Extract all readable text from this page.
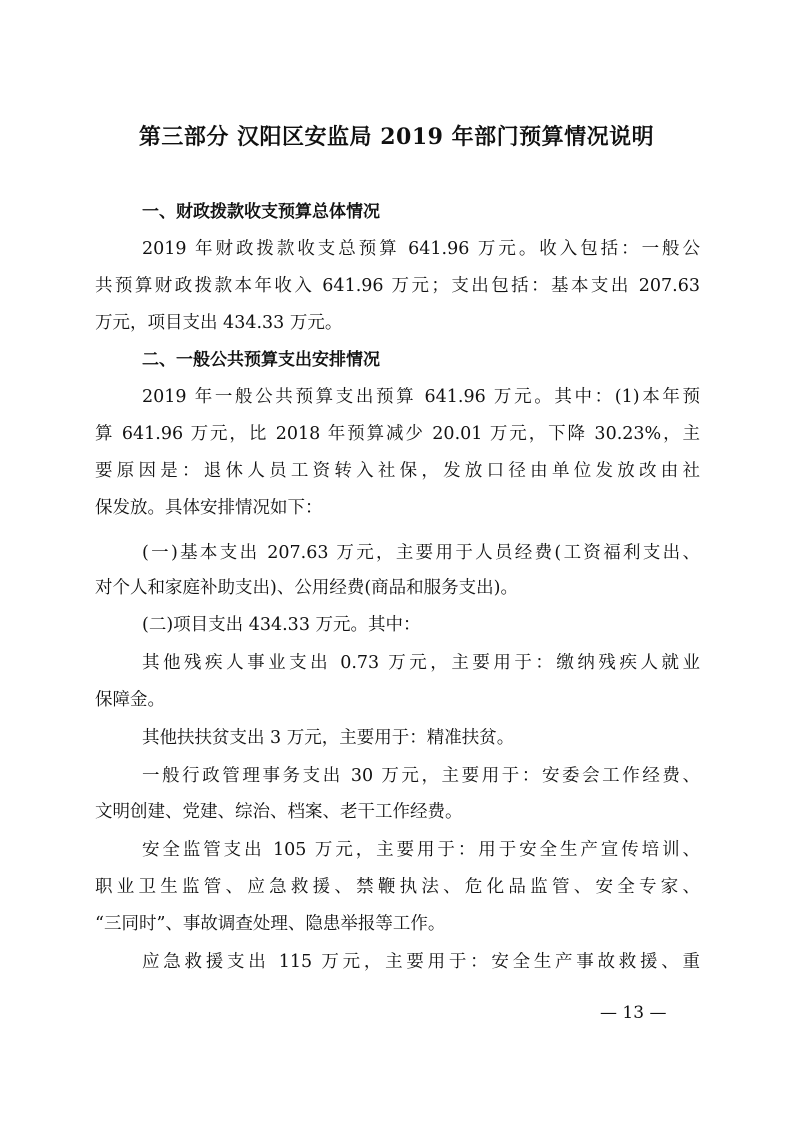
第三部分 汉阳区安监局 2019 年部门预算情况说明
一、财政拨款收支预算总体情况
2019 年财政拨款收支总预算 641.96 万元。收入包括：一般公
共预算财政拨款本年收入 641.96 万元；支出包括：基本支出 207.63
万元，项目支出 434.33 万元。
二、一般公共预算支出安排情况
2019 年一般公共预算支出预算 641.96 万元。其中：(1)本年预
算 641.96 万元，比 2018 年预算减少 20.01 万元，下降 30.23%，主
要原因是：退休人员工资转入社保，发放口径由单位发放改由社
保发放。具体安排情况如下：
(一)基本支出 207.63 万元，主要用于人员经费(工资福利支出、
对个人和家庭补助支出)、公用经费(商品和服务支出)。
(二)项目支出 434.33 万元。其中：
其他残疾人事业支出 0.73 万元，主要用于：缴纳残疾人就业
保障金。
其他扶扶贫支出 3 万元，主要用于：精准扶贫。
一般行政管理事务支出 30 万元，主要用于：安委会工作经费、
文明创建、党建、综治、档案、老干工作经费。
安全监管支出 105 万元，主要用于：用于安全生产宣传培训、
职业卫生监管、应急救援、禁鞭执法、危化品监管、安全专家、
“三同时”、事故调查处理、隐患举报等工作。
应急救援支出 115 万元，主要用于：安全生产事故救援、重
— 13 —
